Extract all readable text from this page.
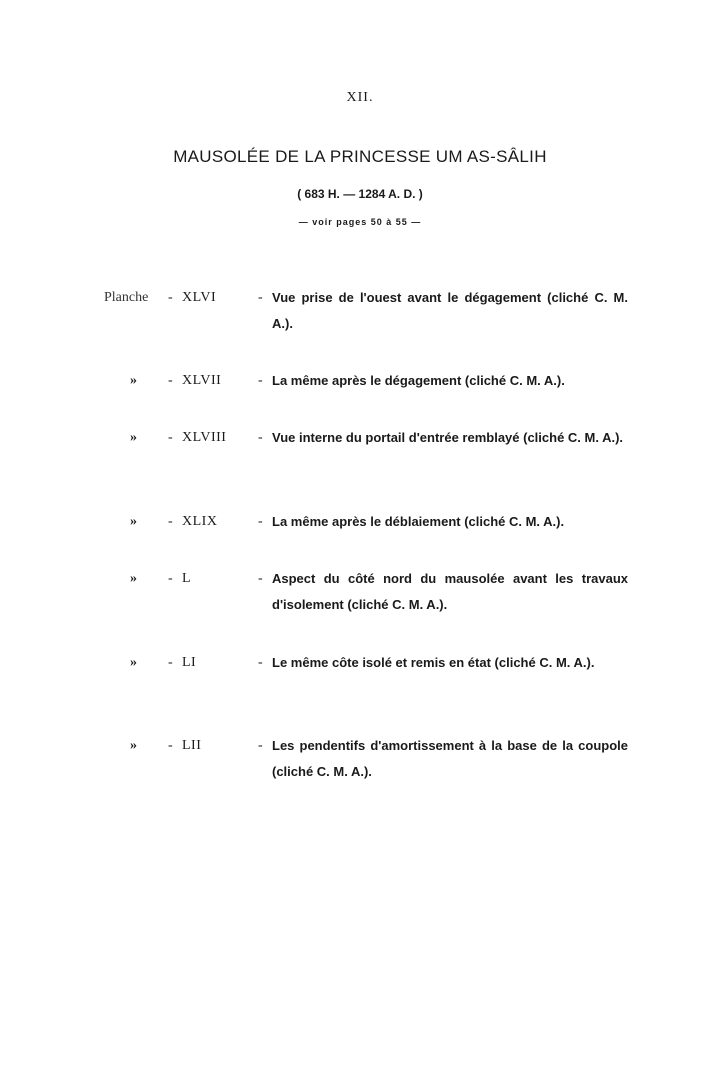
XII.
MAUSOLÉE DE LA PRINCESSE UM AS-SÂLIH
( 683 H. — 1284 A. D. )
— voir pages 50 à 55 —
Planche - XLVI	- Vue prise de l'ouest avant le dégagement (cliché C. M. A.).
» - XLVII	- La même après le dégagement (cliché C. M. A.).
» - XLVIII - Vue interne du portail d'entrée remblayé (cliché C. M. A.).
» - XLIX	- La même après le déblaiement (cliché C. M. A.).
» - L	- Aspect du côté nord du mausolée avant les travaux d'isolement (cliché C. M. A.).
» - LI	- Le même côte isolé et remis en état (cliché C. M. A.).
» - LII	- Les pendentifs d'amortissement à la base de la coupole (cliché C. M. A.).
